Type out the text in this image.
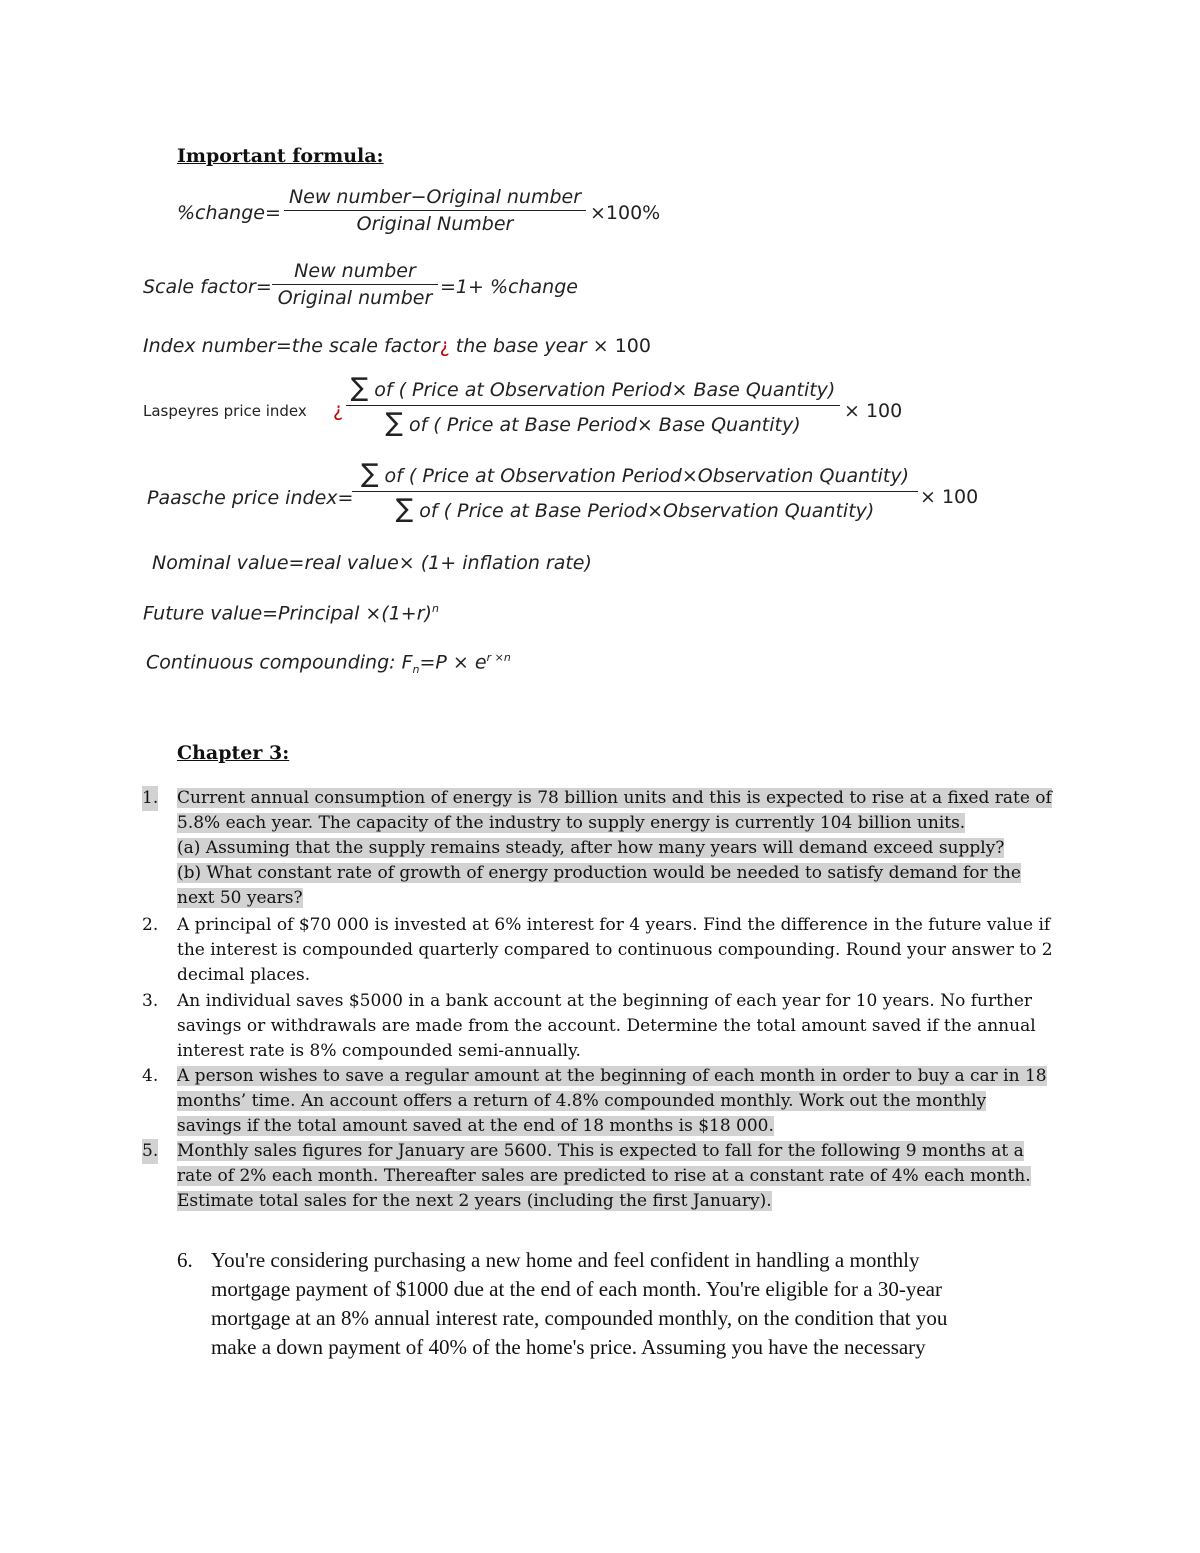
Important formula:
%change=
New number−Original number
Original Number	×100%
Scale factor=
New number
Original number =1+ %change
Index number=the scale factor¿ the base year × 100
Laspeyres price index ¿
∑ of ( Price at Observation Period× Base Quantity)
∑ of ( Price at Base Period× Base Quantity)
× 100
Paasche price index=
∑ of ( Price at Observation Period×Observation Quantity)
∑ of ( Price at Base Period×Observation Quantity)
× 100
Nominal value=real value× (1+ inflation rate)
Future value=Principal $\times(1+r)^n$
Continuous compounding: $F_n=P \times e^{r \times n}$
Chapter 3:
1. Current annual consumption of energy is 78 billion units and this is expected to rise at a fixed rate of
5.8% each year. The capacity of the industry to supply energy is currently 104 billion units.
(a) Assuming that the supply remains steady, after how many years will demand exceed supply?
(b) What constant rate of growth of energy production would be needed to satisfy demand for the
next 50 years?
2. A principal of $70 000 is invested at 6% interest for 4 years. Find the difference in the future value if
the interest is compounded quarterly compared to continuous compounding. Round your answer to 2
decimal places.
3. An individual saves $5000 in a bank account at the beginning of each year for 10 years. No further
savings or withdrawals are made from the account. Determine the total amount saved if the annual
interest rate is 8% compounded semi-annually.
4. A person wishes to save a regular amount at the beginning of each month in order to buy a car in 18
months’ time. An account offers a return of 4.8% compounded monthly. Work out the monthly
savings if the total amount saved at the end of 18 months is $18 000.
5. Monthly sales figures for January are 5600. This is expected to fall for the following 9 months at a
rate of 2% each month. Thereafter sales are predicted to rise at a constant rate of 4% each month.
Estimate total sales for the next 2 years (including the first January).
6. You're considering purchasing a new home and feel confident in handling a monthly
mortgage payment of $1000 due at the end of each month. You're eligible for a 30-year
mortgage at an 8% annual interest rate, compounded monthly, on the condition that you
make a down payment of 40% of the home's price. Assuming you have the necessary
